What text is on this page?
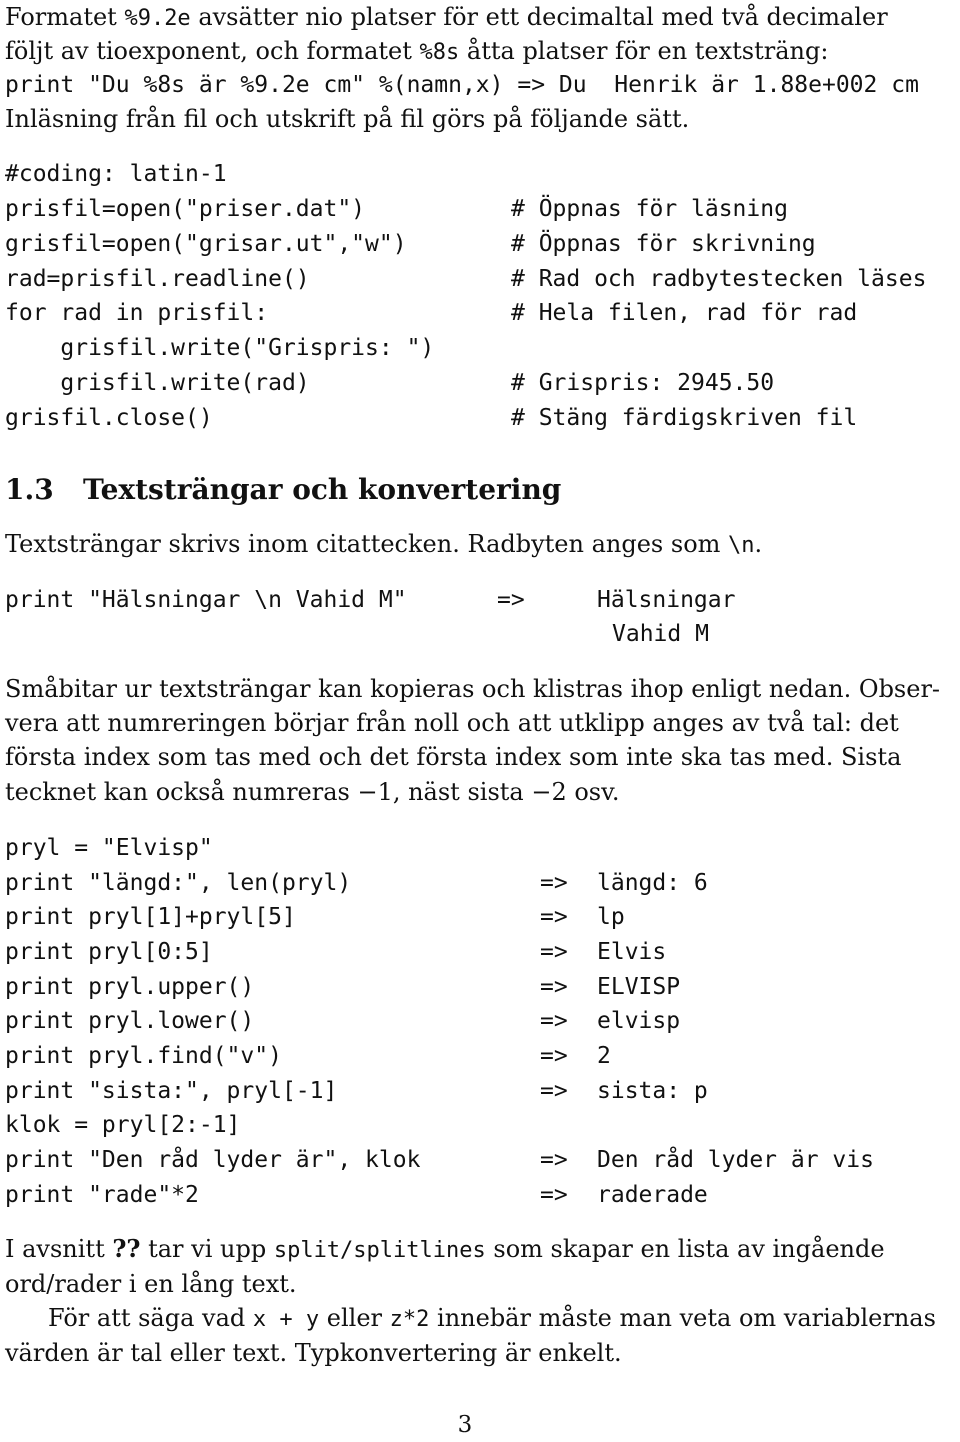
Formatet %9.2e avsätter nio platser för ett decimaltal med två decimaler
följt av tioexponent, och formatet %8s åtta platser för en textsträng:
print "Du %8s är %9.2e cm" %(namn,x) => Du  Henrik är 1.88e+002 cm
Inläsning från fil och utskrift på fil görs på följande sätt.
#coding: latin-1
prisfil=open("priser.dat")	# Öppnas för läsning
grisfil=open("grisar.ut","w")	# Öppnas för skrivning
rad=prisfil.readline()	# Rad och radbytestecken läses
for rad in prisfil:	# Hela filen, rad för rad
grisfil.write("Grispris: ")
grisfil.write(rad)	# Grispris: 2945.50
grisfil.close()	# Stäng färdigskriven fil
1.3 Textsträngar och konvertering
Textsträngar skrivs inom citattecken. Radbyten anges som \n.
print "Hälsningar \n Vahid M"	=>	Hälsningar
Vahid M
Småbitar ur textsträngar kan kopieras och klistras ihop enligt nedan. Obser-
vera att numreringen börjar från noll och att utklipp anges av två tal: det
första index som tas med och det första index som inte ska tas med. Sista
tecknet kan också numreras −1, näst sista −2 osv.
pryl = "Elvisp"
print "längd:", len(pryl)	=> längd: 6
print pryl[1]+pryl[5]	=> lp
print pryl[0:5]	=> Elvis
print pryl.upper()	=> ELVISP
print pryl.lower()	=> elvisp
print pryl.find("v")	=> 2
print "sista:", pryl[-1]	=> sista: p
klok = pryl[2:-1]
print "Den råd lyder är", klok	=> Den råd lyder är vis
print "rade"*2	=> raderade
I avsnitt ?? tar vi upp split/splitlines som skapar en lista av ingående
ord/rader i en lång text.
För att säga vad x + y eller z*2 innebär måste man veta om variablernas
värden är tal eller text. Typkonvertering är enkelt.
3
